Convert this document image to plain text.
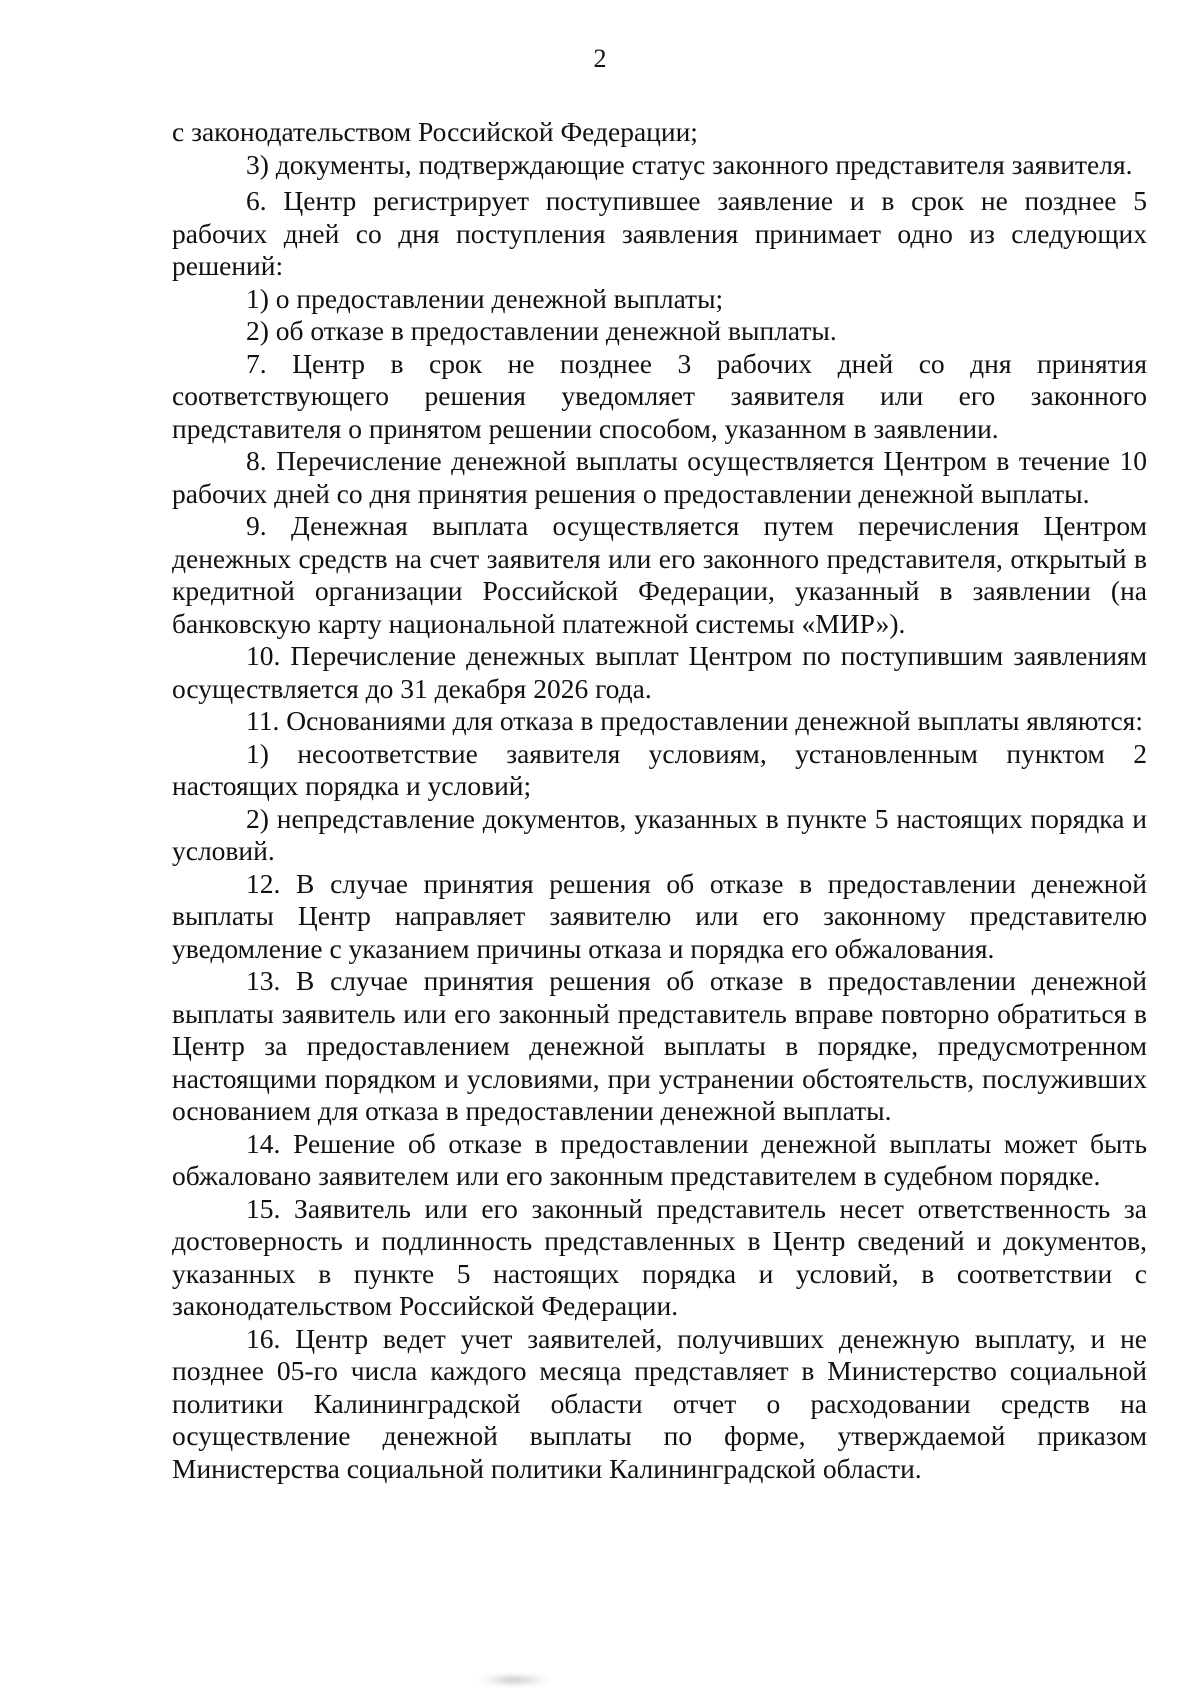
2

с законодательством Российской Федерации;

3) документы, подтверждающие статус законного представителя заявителя.

6. Центр регистрирует поступившее заявление и в срок не позднее 5 рабочих дней со дня поступления заявления принимает одно из следующих решений:

1) о предоставлении денежной выплаты;

2) об отказе в предоставлении денежной выплаты.

7. Центр в срок не позднее 3 рабочих дней со дня принятия соответствующего решения уведомляет заявителя или его законного представителя о принятом решении способом, указанном в заявлении.

8. Перечисление денежной выплаты осуществляется Центром в течение 10 рабочих дней со дня принятия решения о предоставлении денежной выплаты.

9. Денежная выплата осуществляется путем перечисления Центром денежных средств на счет заявителя или его законного представителя, открытый в кредитной организации Российской Федерации, указанный в заявлении (на банковскую карту национальной платежной системы «МИР»).

10. Перечисление денежных выплат Центром по поступившим заявлениям осуществляется до 31 декабря 2026 года.

11. Основаниями для отказа в предоставлении денежной выплаты являются:

1) несоответствие заявителя условиям, установленным пунктом 2 настоящих порядка и условий;

2) непредставление документов, указанных в пункте 5 настоящих порядка и условий.

12. В случае принятия решения об отказе в предоставлении денежной выплаты Центр направляет заявителю или его законному представителю уведомление с указанием причины отказа и порядка его обжалования.

13. В случае принятия решения об отказе в предоставлении денежной выплаты заявитель или его законный представитель вправе повторно обратиться в Центр за предоставлением денежной выплаты в порядке, предусмотренном настоящими порядком и условиями, при устранении обстоятельств, послуживших основанием для отказа в предоставлении денежной выплаты.

14. Решение об отказе в предоставлении денежной выплаты может быть обжаловано заявителем или его законным представителем в судебном порядке.

15. Заявитель или его законный представитель несет ответственность за достоверность и подлинность представленных в Центр сведений и документов, указанных в пункте 5 настоящих порядка и условий, в соответствии с законодательством Российской Федерации.

16. Центр ведет учет заявителей, получивших денежную выплату, и не позднее 05-го числа каждого месяца представляет в Министерство социальной политики Калининградской области отчет о расходовании средств на осуществление денежной выплаты по форме, утверждаемой приказом Министерства социальной политики Калининградской области.
